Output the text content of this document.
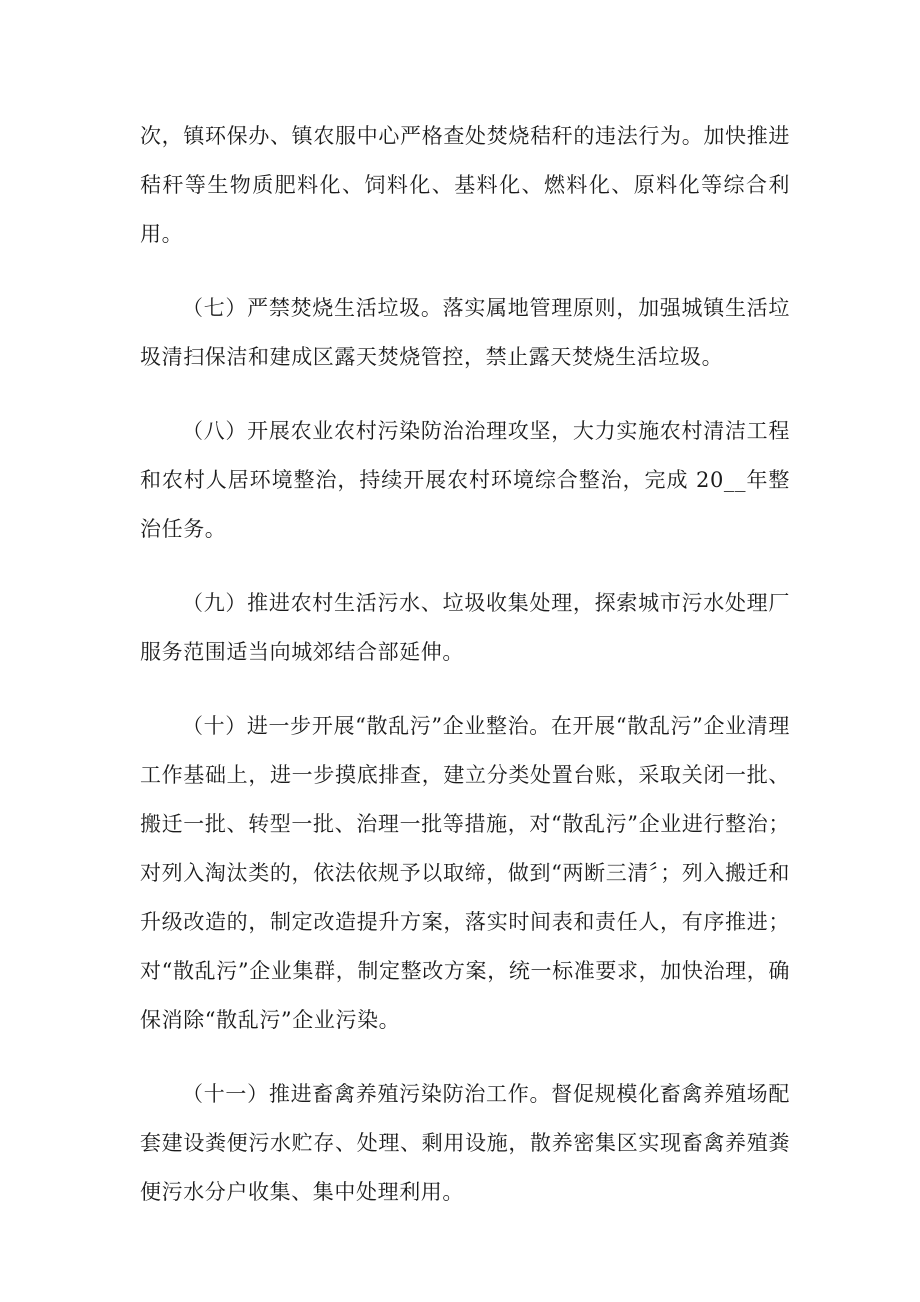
次，镇环保办、镇农服中心严格查处焚烧秸秆的违法行为。加快推进秸秆等生物质肥料化、饲料化、基料化、燃料化、原料化等综合利用。

（七）严禁焚烧生活垃圾。落实属地管理原则，加强城镇生活垃圾清扫保洁和建成区露天焚烧管控，禁止露天焚烧生活垃圾。

（八）开展农业农村污染防治治理攻坚，大力实施农村清洁工程和农村人居环境整治，持续开展农村环境综合整治，完成 20__年整治任务。

（九）推进农村生活污水、垃圾收集处理，探索城市污水处理厂服务范围适当向城郊结合部延伸。

（十）进一步开展“散乱污”企业整治。在开展“散乱污”企业清理工作基础上，进一步摸底排查，建立分类处置台账，采取关闭一批、搬迁一批、转型一批、治理一批等措施，对“散乱污”企业进行整治；对列入淘汰类的，依法依规予以取缔，做到“两断三清〞；列入搬迁和升级改造的，制定改造提升方案，落实时间表和责任人，有序推进；对“散乱污”企业集群，制定整改方案，统一标准要求，加快治理，确保消除“散乱污”企业污染。

（十一）推进畜禽养殖污染防治工作。督促规模化畜禽养殖场配套建设粪便污水贮存、处理、剩用设施，散养密集区实现畜禽养殖粪便污水分户收集、集中处理利用。
